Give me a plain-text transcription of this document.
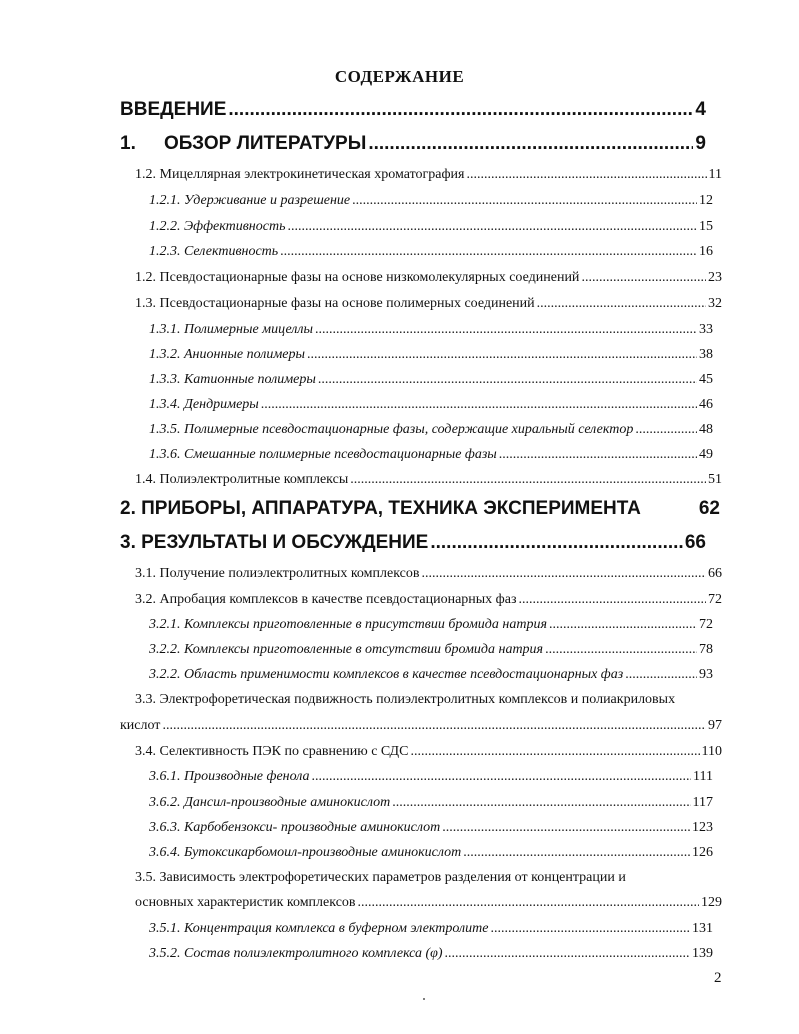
СОДЕРЖАНИЕ
ВВЕДЕНИЕ .....	4
1. ОБЗОР ЛИТЕРАТУРЫ .....	9
1.2. Мицеллярная электрокинетическая хроматография .....	11
1.2.1. Удерживание и разрешение .....	12
1.2.2. Эффективность .....	15
1.2.3. Селективность .....	16
1.2. Псевдостационарные фазы на основе низкомолекулярных соединений .....	23
1.3. Псевдостационарные фазы на основе полимерных соединений .....	32
1.3.1. Полимерные мицеллы .....	33
1.3.2. Анионные полимеры .....	38
1.3.3. Катионные полимеры .....	45
1.3.4. Дендримеры .....	46
1.3.5. Полимерные псевдостационарные фазы, содержащие хиральный селектор .....	48
1.3.6. Смешанные полимерные псевдостационарные фазы .....	49
1.4. Полиэлектролитные комплексы .....	51
2. ПРИБОРЫ, АППАРАТУРА, ТЕХНИКА ЭКСПЕРИМЕНТА	62
3. РЕЗУЛЬТАТЫ И ОБСУЖДЕНИЕ .....	66
3.1. Получение полиэлектролитных комплексов .....	66
3.2. Апробация комплексов в качестве псевдостационарных фаз .....	72
3.2.1. Комплексы приготовленные в присутствии бромида натрия .....	72
3.2.2. Комплексы приготовленные в отсутствии бромида натрия .....	78
3.2.2. Область применимости комплексов в качестве псевдостационарных фаз .....	93
3.3. Электрофоретическая подвижность полиэлектролитных комплексов и полиакриловых
кислот .....	97
3.4. Селективность ПЭК по сравнению с СДС .....	110
3.6.1. Производные фенола .....	111
3.6.2. Дансил-производные аминокислот .....	117
3.6.3. Карбобензокси- производные аминокислот .....	123
3.6.4. Бутоксикарбомоил-производные аминокислот .....	126
3.5. Зависимость электрофоретических параметров разделения от концентрации и
основных характеристик комплексов .....	129
3.5.1. Концентрация комплекса в буферном электролите .....	131
3.5.2. Состав полиэлектролитного комплекса (φ) .....	139
2
